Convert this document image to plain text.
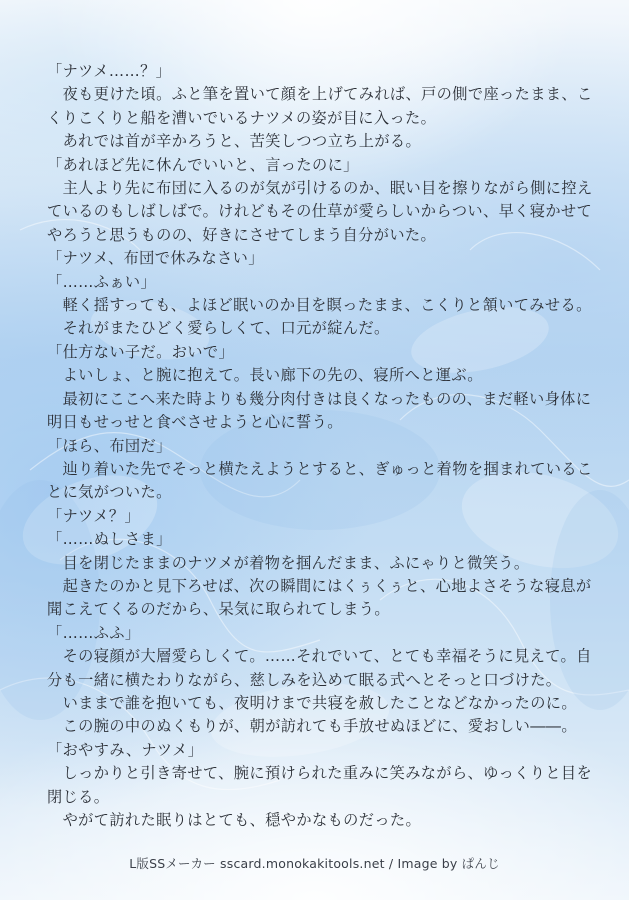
「ナツメ……？」

　夜も更けた頃。ふと筆を置いて顔を上げてみれば、戸の側で座ったまま、こくりこくりと船を漕いでいるナツメの姿が目に入った。

　あれでは首が辛かろうと、苦笑しつつ立ち上がる。

「あれほど先に休んでいいと、言ったのに」

　主人より先に布団に入るのが気が引けるのか、眠い目を擦りながら側に控えているのもしばしばで。けれどもその仕草が愛らしいからつい、早く寝かせてやろうと思うものの、好きにさせてしまう自分がいた。

「ナツメ、布団で休みなさい」

「……ふぁい」

　軽く揺すっても、よほど眠いのか目を瞑ったまま、こくりと頷いてみせる。

　それがまたひどく愛らしくて、口元が綻んだ。

「仕方ない子だ。おいで」

　よいしょ、と腕に抱えて。長い廊下の先の、寝所へと運ぶ。

　最初にここへ来た時よりも幾分肉付きは良くなったものの、まだ軽い身体に明日もせっせと食べさせようと心に誓う。

「ほら、布団だ」

　辿り着いた先でそっと横たえようとすると、ぎゅっと着物を掴まれていることに気がついた。

「ナツメ？」

「……ぬしさま」

　目を閉じたままのナツメが着物を掴んだまま、ふにゃりと微笑う。

　起きたのかと見下ろせば、次の瞬間にはくぅくぅと、心地よさそうな寝息が聞こえてくるのだから、呆気に取られてしまう。

「……ふふ」

　その寝顔が大層愛らしくて。……それでいて、とても幸福そうに見えて。自分も一緒に横たわりながら、慈しみを込めて眠る式へとそっと口づけた。

　いままで誰を抱いても、夜明けまで共寝を赦したことなどなかったのに。

　この腕の中のぬくもりが、朝が訪れても手放せぬほどに、愛おしい――。

「おやすみ、ナツメ」

　しっかりと引き寄せて、腕に預けられた重みに笑みながら、ゆっくりと目を閉じる。

　やがて訪れた眠りはとても、穏やかなものだった。

L版SSメーカー sscard.monokakitools.net / Image by ぱんじ
